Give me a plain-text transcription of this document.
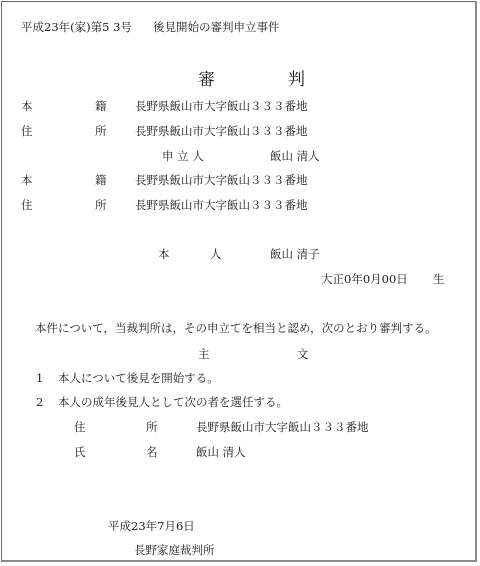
平成23年(家)第5 3号 後見開始の審判申立事件
審	判
本	籍 長野県飯山市大字飯山３３３番地
住	所 長野県飯山市大字飯山３３３番地
申 立 人	飯山 清人
本	籍 長野県飯山市大字飯山３３３番地
住	所 長野県飯山市大字飯山３３３番地
本	人	飯山 清子
大正0年0月00日 生
本件について，当裁判所は，その申立てを相当と認め，次のとおり審判する。
主	文
1 本人について後見を開始する。
2 本人の成年後見人として次の者を選任する。
住	所	長野県飯山市大字飯山３３３番地
氏	名	飯山 清人
平成23年7月6日
長野家庭裁判所
